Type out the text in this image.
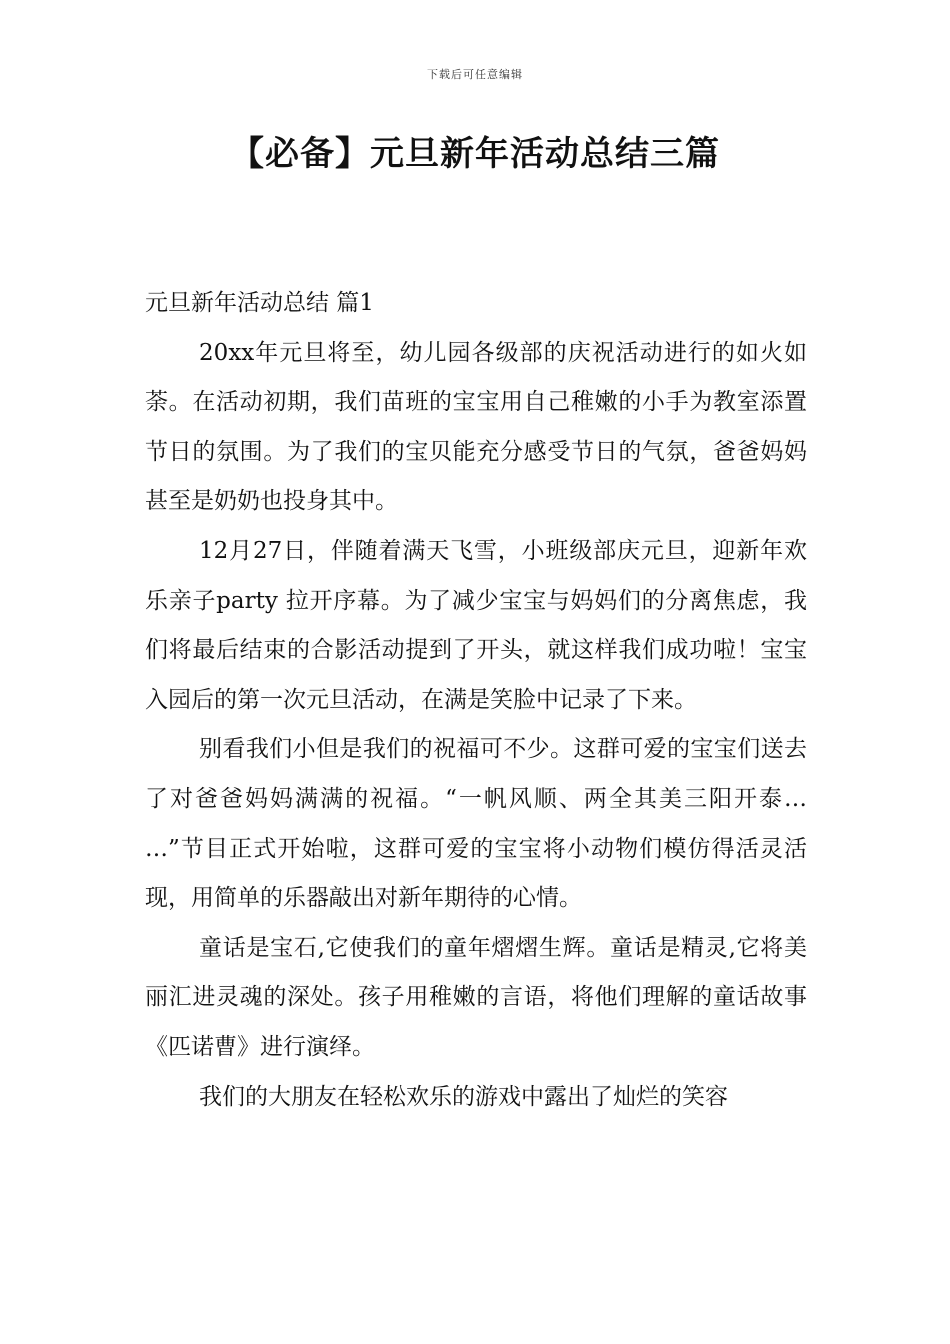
下载后可任意编辑
【必备】元旦新年活动总结三篇

元旦新年活动总结 篇1

20xx年元旦将至，幼儿园各级部的庆祝活动进行的如火如荼。在活动初期，我们苗班的宝宝用自己稚嫩的小手为教室添置节日的氛围。为了我们的宝贝能充分感受节日的气氛，爸爸妈妈甚至是奶奶也投身其中。

12月27日，伴随着满天飞雪，小班级部庆元旦，迎新年欢乐亲子party 拉开序幕。为了减少宝宝与妈妈们的分离焦虑，我们将最后结束的合影活动提到了开头，就这样我们成功啦！宝宝入园后的第一次元旦活动，在满是笑脸中记录了下来。

别看我们小但是我们的祝福可不少。这群可爱的宝宝们送去了对爸爸妈妈满满的祝福。“一帆风顺、两全其美三阳开泰… …”节目正式开始啦，这群可爱的宝宝将小动物们模仿得活灵活现，用简单的乐器敲出对新年期待的心情。

童话是宝石,它使我们的童年熠熠生辉。童话是精灵,它将美丽汇进灵魂的深处。孩子用稚嫩的言语，将他们理解的童话故事《匹诺曹》进行演绎。

我们的大朋友在轻松欢乐的游戏中露出了灿烂的笑容
